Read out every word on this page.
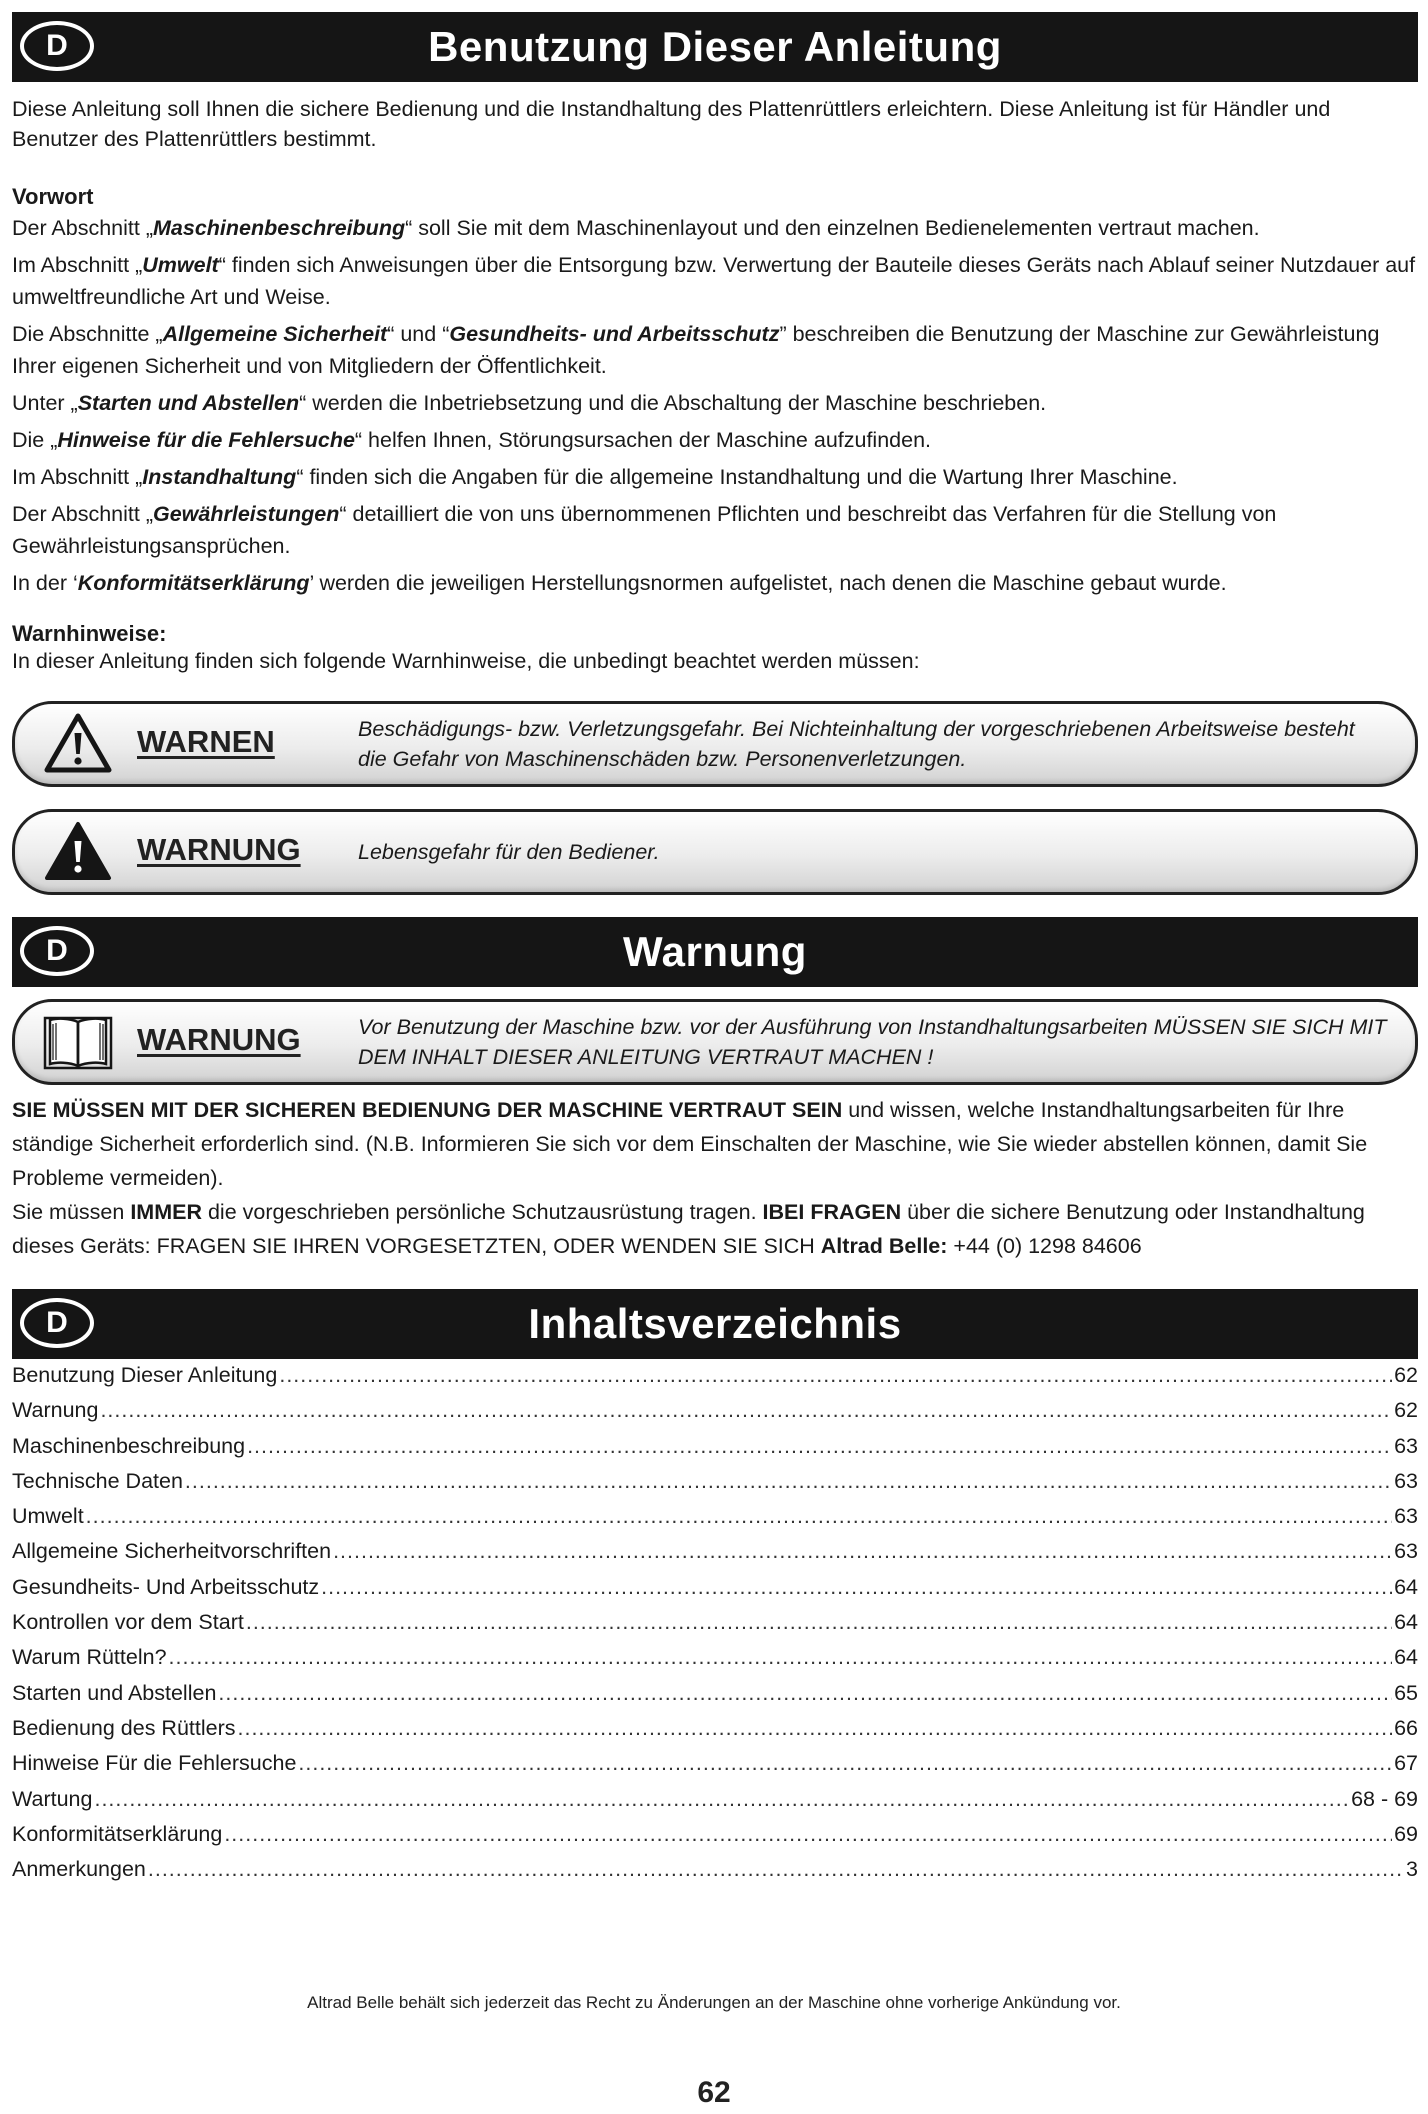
D	Benutzung Dieser Anleitung

Diese Anleitung soll Ihnen die sichere Bedienung und die Instandhaltung des Plattenrüttlers erleichtern. Diese Anleitung ist für Händler und Benutzer des Plattenrüttlers bestimmt.

Vorwort

Der Abschnitt „Maschinenbeschreibung“ soll Sie mit dem Maschinenlayout und den einzelnen Bedienelementen vertraut machen.

Im Abschnitt „Umwelt“ finden sich Anweisungen über die Entsorgung bzw. Verwertung der Bauteile dieses Geräts nach Ablauf seiner Nutzdauer auf umweltfreundliche Art und Weise.

Die Abschnitte „Allgemeine Sicherheit“ und “Gesundheits- und Arbeitsschutz” beschreiben die Benutzung der Maschine zur Gewährleistung Ihrer eigenen Sicherheit und von Mitgliedern der Öffentlichkeit.

Unter „Starten und Abstellen“ werden die Inbetriebsetzung und die Abschaltung der Maschine beschrieben.

Die „Hinweise für die Fehlersuche“ helfen Ihnen, Störungsursachen der Maschine aufzufinden.

Im Abschnitt „Instandhaltung“ finden sich die Angaben für die allgemeine Instandhaltung und die Wartung Ihrer Maschine.

Der Abschnitt „Gewährleistungen“ detailliert die von uns übernommenen Pflichten und beschreibt das Verfahren für die Stellung von Gewährleistungsansprüchen.

In der ‘Konformitätserklärung’ werden die jeweiligen Herstellungsnormen aufgelistet, nach denen die Maschine gebaut wurde.

Warnhinweise:

In dieser Anleitung finden sich folgende Warnhinweise, die unbedingt beachtet werden müssen:

WARNEN	Beschädigungs- bzw. Verletzungsgefahr. Bei Nichteinhaltung der vorgeschriebenen Arbeitsweise besteht die Gefahr von Maschinenschäden bzw. Personenverletzungen.
WARNUNG	Lebensgefahr für den Bediener.
D	Warnung
WARNUNG	Vor Benutzung der Maschine bzw. vor der Ausführung von Instandhaltungsarbeiten MÜSSEN SIE SICH MIT DEM INHALT DIESER ANLEITUNG VERTRAUT MACHEN !

SIE MÜSSEN MIT DER SICHEREN BEDIENUNG DER MASCHINE VERTRAUT SEIN und wissen, welche Instandhaltungsarbeiten für Ihre ständige Sicherheit erforderlich sind. (N.B. Informieren Sie sich vor dem Einschalten der Maschine, wie Sie wieder abstellen können, damit Sie Probleme vermeiden).

Sie müssen IMMER die vorgeschrieben persönliche Schutzausrüstung tragen. IBEI FRAGEN über die sichere Benutzung oder Instandhaltung dieses Geräts: FRAGEN SIE IHREN VORGESETZTEN, ODER WENDEN SIE SICH Altrad Belle: +44 (0) 1298 84606

D	Inhaltsverzeichnis
Benutzung Dieser Anleitung .....	62
Warnung .....	62
Maschinenbeschreibung .....	63
Technische Daten .....	63
Umwelt .....	63
Allgemeine Sicherheitvorschriften .....	63
Gesundheits- Und Arbeitsschutz .....	64
Kontrollen vor dem Start .....	64
Warum Rütteln? .....	64
Starten und Abstellen .....	65
Bedienung des Rüttlers .....	66
Hinweise Für die Fehlersuche .....	67
Wartung .....	68 - 69
Konformitätserklärung .....	69
Anmerkungen .....	3
Altrad Belle behält sich jederzeit das Recht zu Änderungen an der Maschine ohne vorherige Ankündung vor.
62
